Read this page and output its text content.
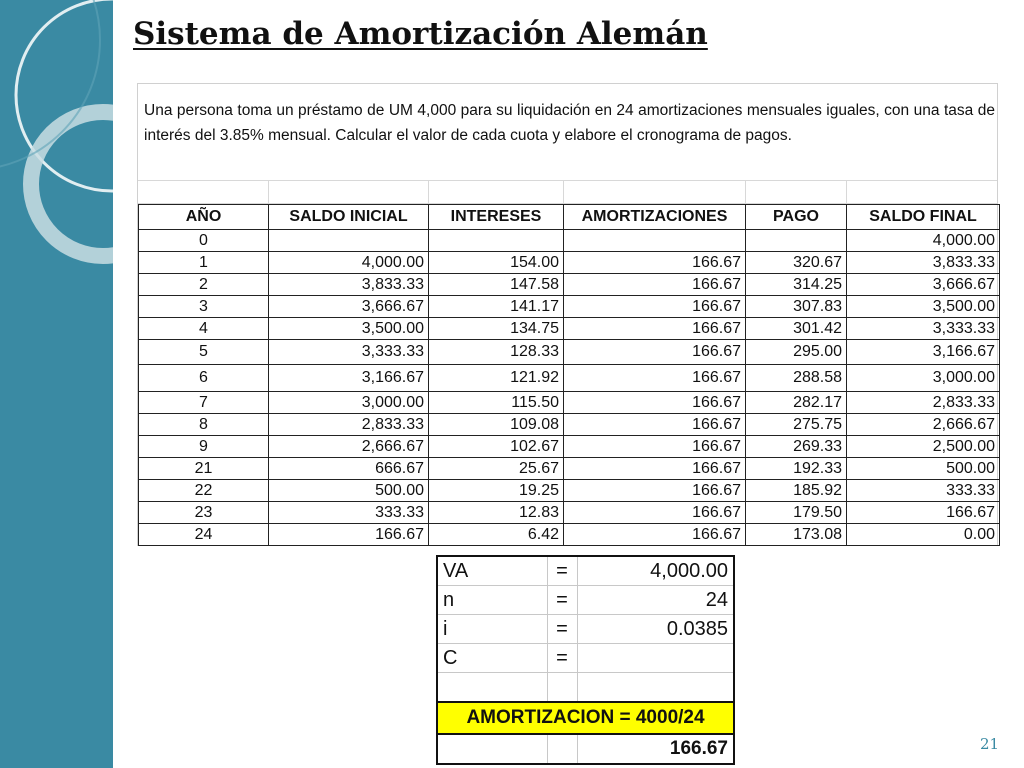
Sistema de Amortización Alemán
Una persona toma un préstamo de UM 4,000 para su liquidación en 24 amortizaciones mensuales iguales, con una tasa de interés del 3.85% mensual. Calcular el valor de cada cuota y elabore el cronograma de pagos.
AÑO	SALDO INICIAL	INTERESES	AMORTIZACIONES	PAGO	SALDO FINAL
0					4,000.00
1	4,000.00	154.00	166.67	320.67	3,833.33
2	3,833.33	147.58	166.67	314.25	3,666.67
3	3,666.67	141.17	166.67	307.83	3,500.00
4	3,500.00	134.75	166.67	301.42	3,333.33
5	3,333.33	128.33	166.67	295.00	3,166.67
6	3,166.67	121.92	166.67	288.58	3,000.00
7	3,000.00	115.50	166.67	282.17	2,833.33
8	2,833.33	109.08	166.67	275.75	2,666.67
9	2,666.67	102.67	166.67	269.33	2,500.00
21	666.67	25.67	166.67	192.33	500.00
22	500.00	19.25	166.67	185.92	333.33
23	333.33	12.83	166.67	179.50	166.67
24	166.67	6.42	166.67	173.08	0.00
VA	=	4,000.00
n	=	24
i	=	0.0385
C	=	

AMORTIZACION = 4000/24		
		166.67	21
